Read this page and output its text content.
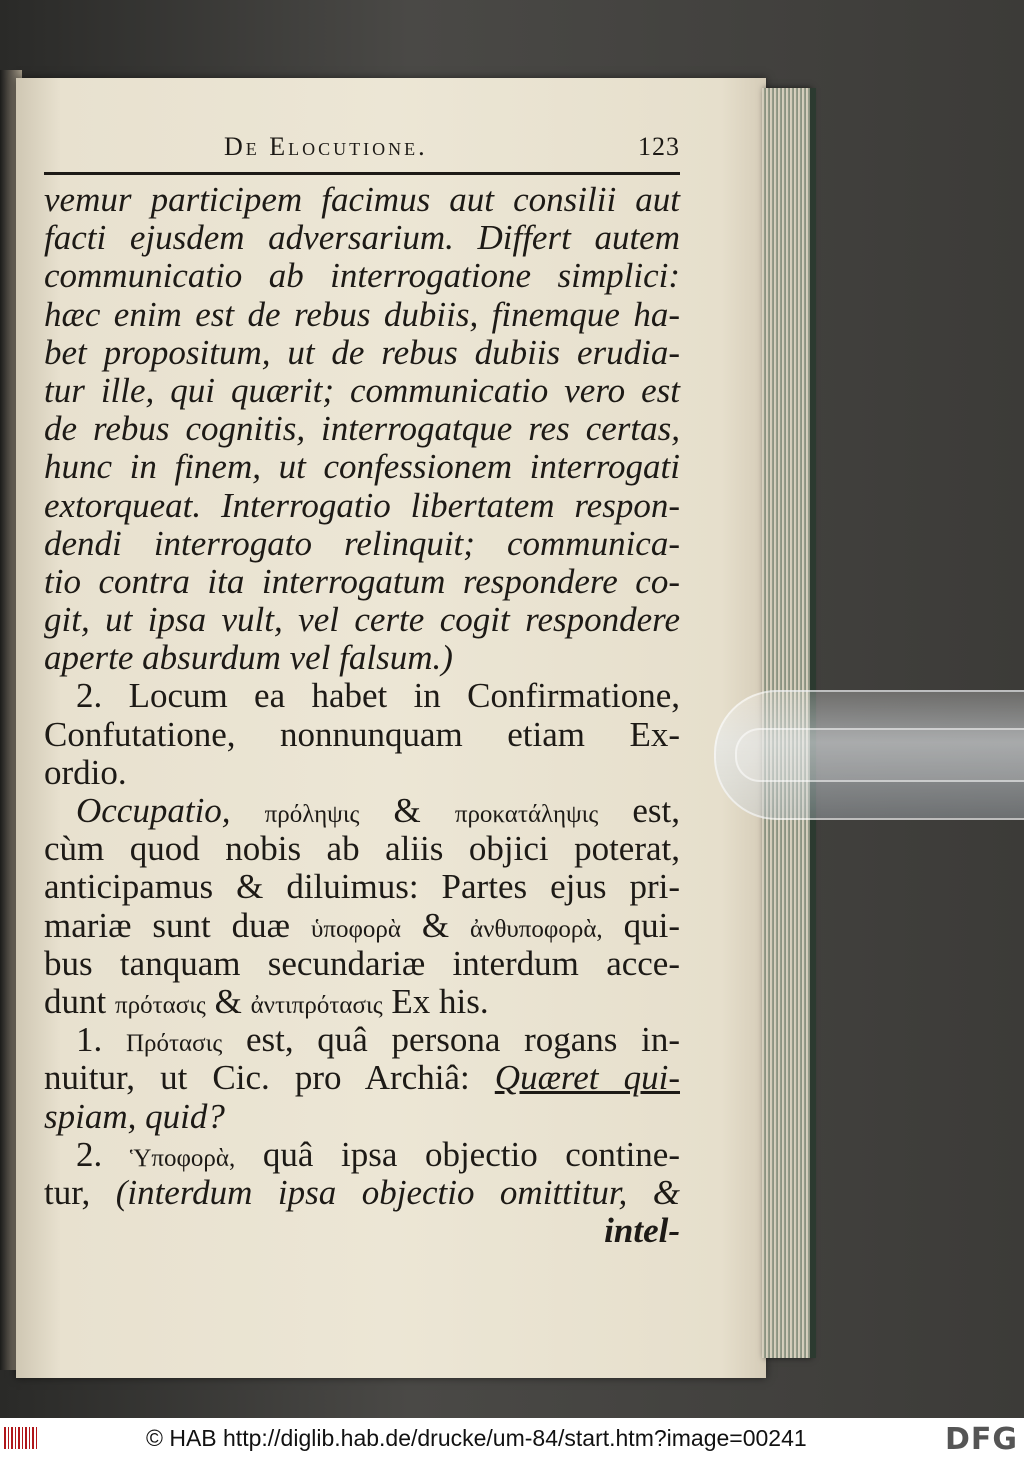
De Elocutione.	123
vemur participem facimus aut consilii aut
facti ejusdem adversarium. Differt autem
communicatio ab interrogatione simplici:
hæc enim est de rebus dubiis, finemque ha-
bet propositum, ut de rebus dubiis erudia-
tur ille, qui quærit; communicatio vero est
de rebus cognitis, interrogatque res certas,
hunc in finem, ut confessionem interrogati
extorqueat. Interrogatio libertatem respon-
dendi interrogato relinquit; communica-
tio contra ita interrogatum respondere co-
git, ut ipsa vult, vel certe cogit respondere
aperte absurdum vel falsum.)
2. Locum ea habet in Confirmatione,
Confutatione, nonnunquam etiam Ex-
ordio.
Occupatio, πρόληψις & προκατάληψις est,
cùm quod nobis ab aliis objici poterat,
anticipamus & diluimus: Partes ejus pri-
mariæ sunt duæ ὑποφορὰ & ἀνθυποφορὰ, qui-
bus tanquam secundariæ interdum acce-
dunt πρότασις & ἀντιπρότασις Ex his.
1. Πρότασις est, quâ persona rogans in-
nuitur, ut Cic. pro Archiâ: Quæret qui-
spiam, quid?
2. Ὑποφορὰ, quâ ipsa objectio contine-
tur, (interdum ipsa objectio omittitur, &
intel-
© HAB http://diglib.hab.de/drucke/um-84/start.htm?image=00241	DFG
